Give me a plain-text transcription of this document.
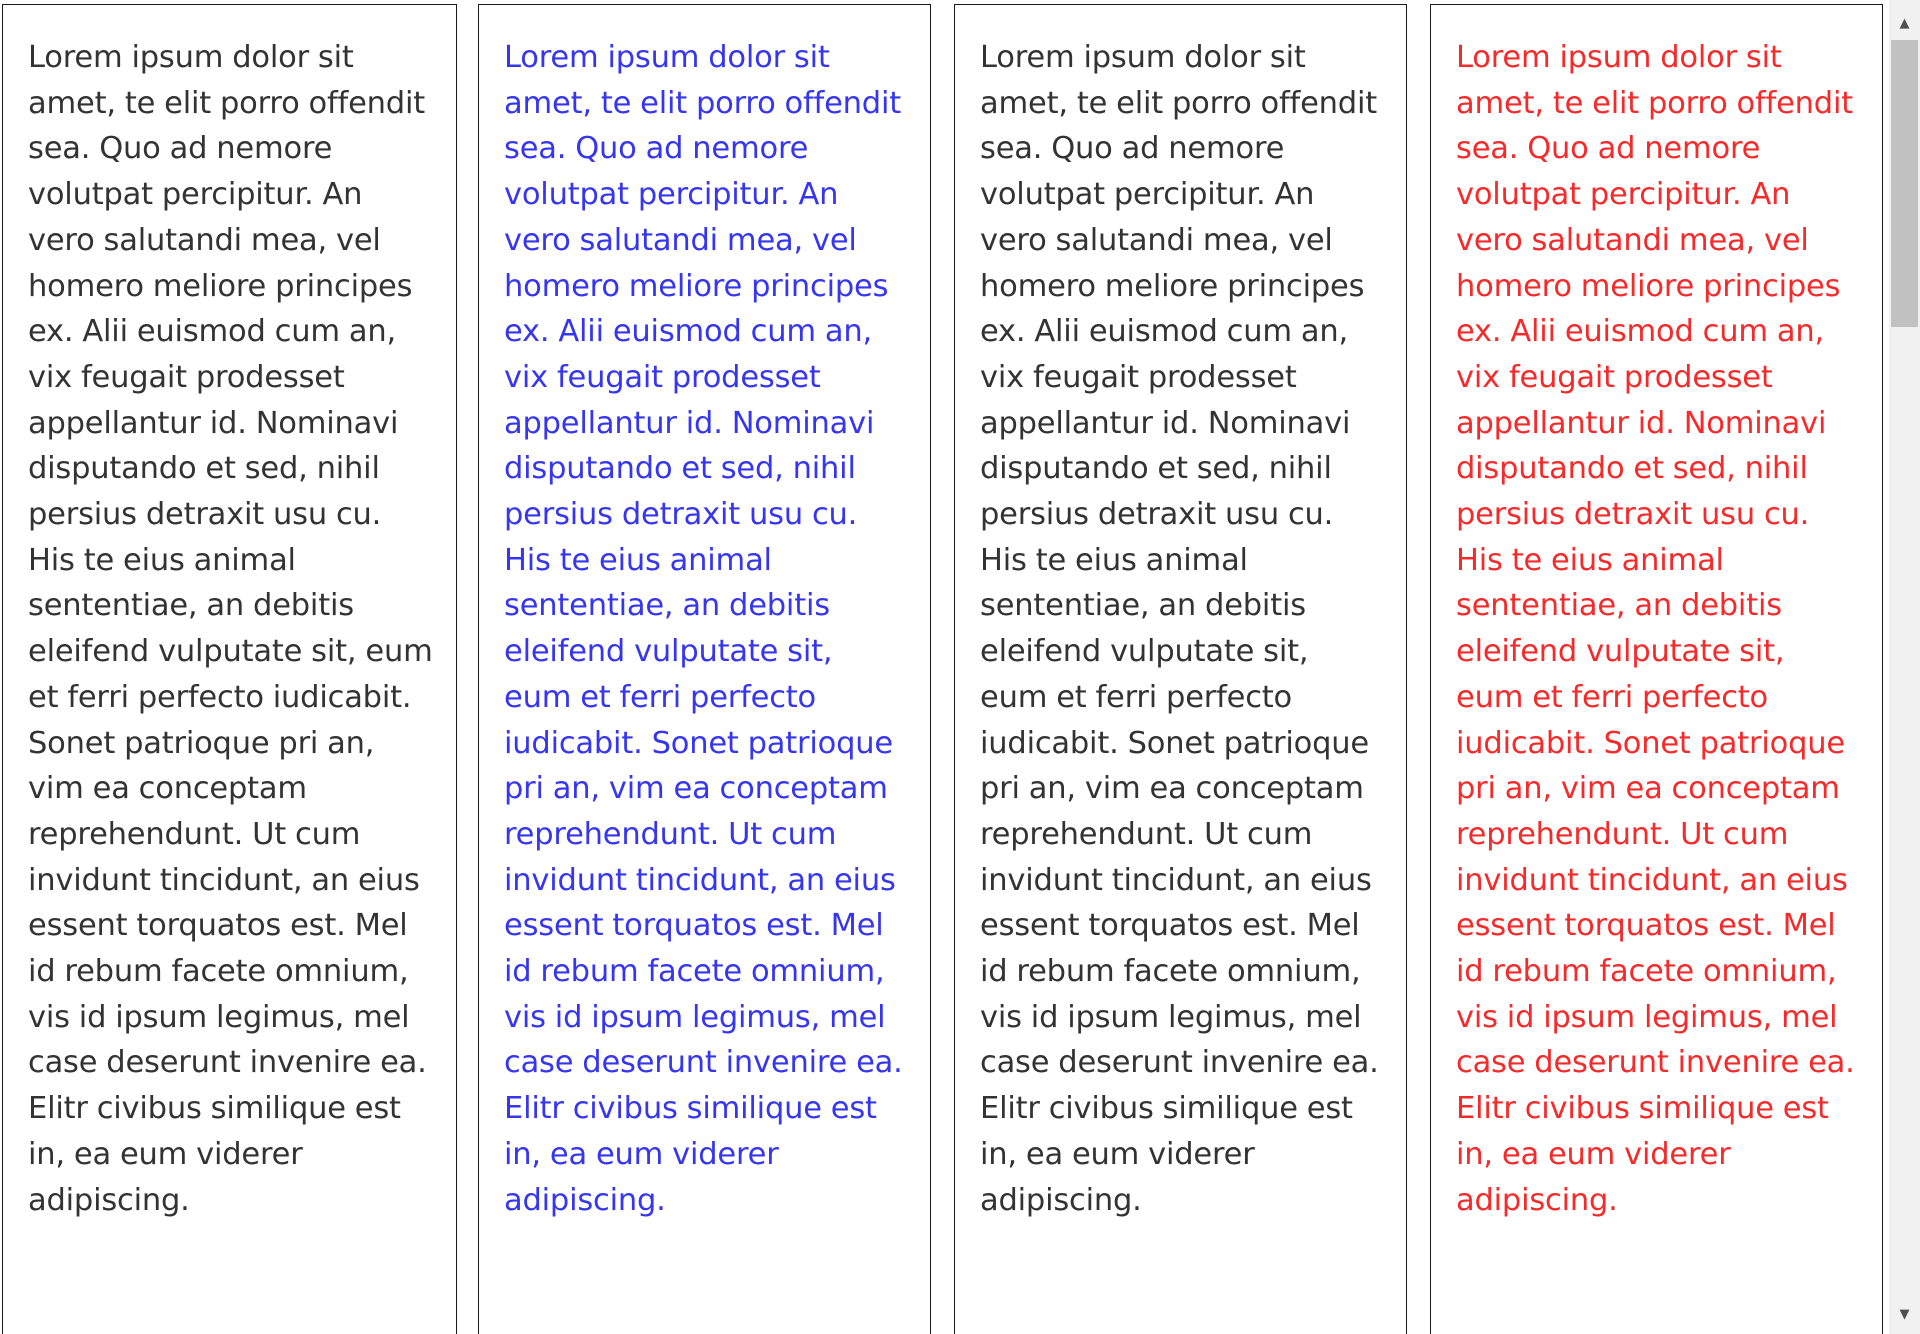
Lorem ipsum dolor sit amet, te elit porro offendit sea. Quo ad nemore volutpat percipitur. An vero salutandi mea, vel homero meliore principes ex. Alii euismod cum an, vix feugait prodesset appellantur id. Nominavi disputando et sed, nihil persius detraxit usu cu. His te eius animal sententiae, an debitis eleifend vulputate sit, eum et ferri perfecto iudicabit. Sonet patrioque pri an, vim ea conceptam reprehendunt. Ut cum invidunt tincidunt, an eius essent torquatos est. Mel id rebum facete omnium, vis id ipsum legimus, mel case deserunt invenire ea. Elitr civibus similique est in, ea eum viderer adipiscing.
Lorem ipsum dolor sit amet, te elit porro offendit sea. Quo ad nemore volutpat percipitur. An vero salutandi mea, vel homero meliore principes ex. Alii euismod cum an, vix feugait prodesset appellantur id. Nominavi disputando et sed, nihil persius detraxit usu cu. His te eius animal sententiae, an debitis eleifend vulputate sit, eum et ferri perfecto iudicabit. Sonet patrioque pri an, vim ea conceptam reprehendunt. Ut cum invidunt tincidunt, an eius essent torquatos est. Mel id rebum facete omnium, vis id ipsum legimus, mel case deserunt invenire ea. Elitr civibus similique est in, ea eum viderer adipiscing.
Lorem ipsum dolor sit amet, te elit porro offendit sea. Quo ad nemore volutpat percipitur. An vero salutandi mea, vel homero meliore principes ex. Alii euismod cum an, vix feugait prodesset appellantur id. Nominavi disputando et sed, nihil persius detraxit usu cu. His te eius animal sententiae, an debitis eleifend vulputate sit, eum et ferri perfecto iudicabit. Sonet patrioque pri an, vim ea conceptam reprehendunt. Ut cum invidunt tincidunt, an eius essent torquatos est. Mel id rebum facete omnium, vis id ipsum legimus, mel case deserunt invenire ea. Elitr civibus similique est in, ea eum viderer adipiscing.
Lorem ipsum dolor sit amet, te elit porro offendit sea. Quo ad nemore volutpat percipitur. An vero salutandi mea, vel homero meliore principes ex. Alii euismod cum an, vix feugait prodesset appellantur id. Nominavi disputando et sed, nihil persius detraxit usu cu. His te eius animal sententiae, an debitis eleifend vulputate sit, eum et ferri perfecto iudicabit. Sonet patrioque pri an, vim ea conceptam reprehendunt. Ut cum invidunt tincidunt, an eius essent torquatos est. Mel id rebum facete omnium, vis id ipsum legimus, mel case deserunt invenire ea. Elitr civibus similique est in, ea eum viderer adipiscing.
▲
▼
